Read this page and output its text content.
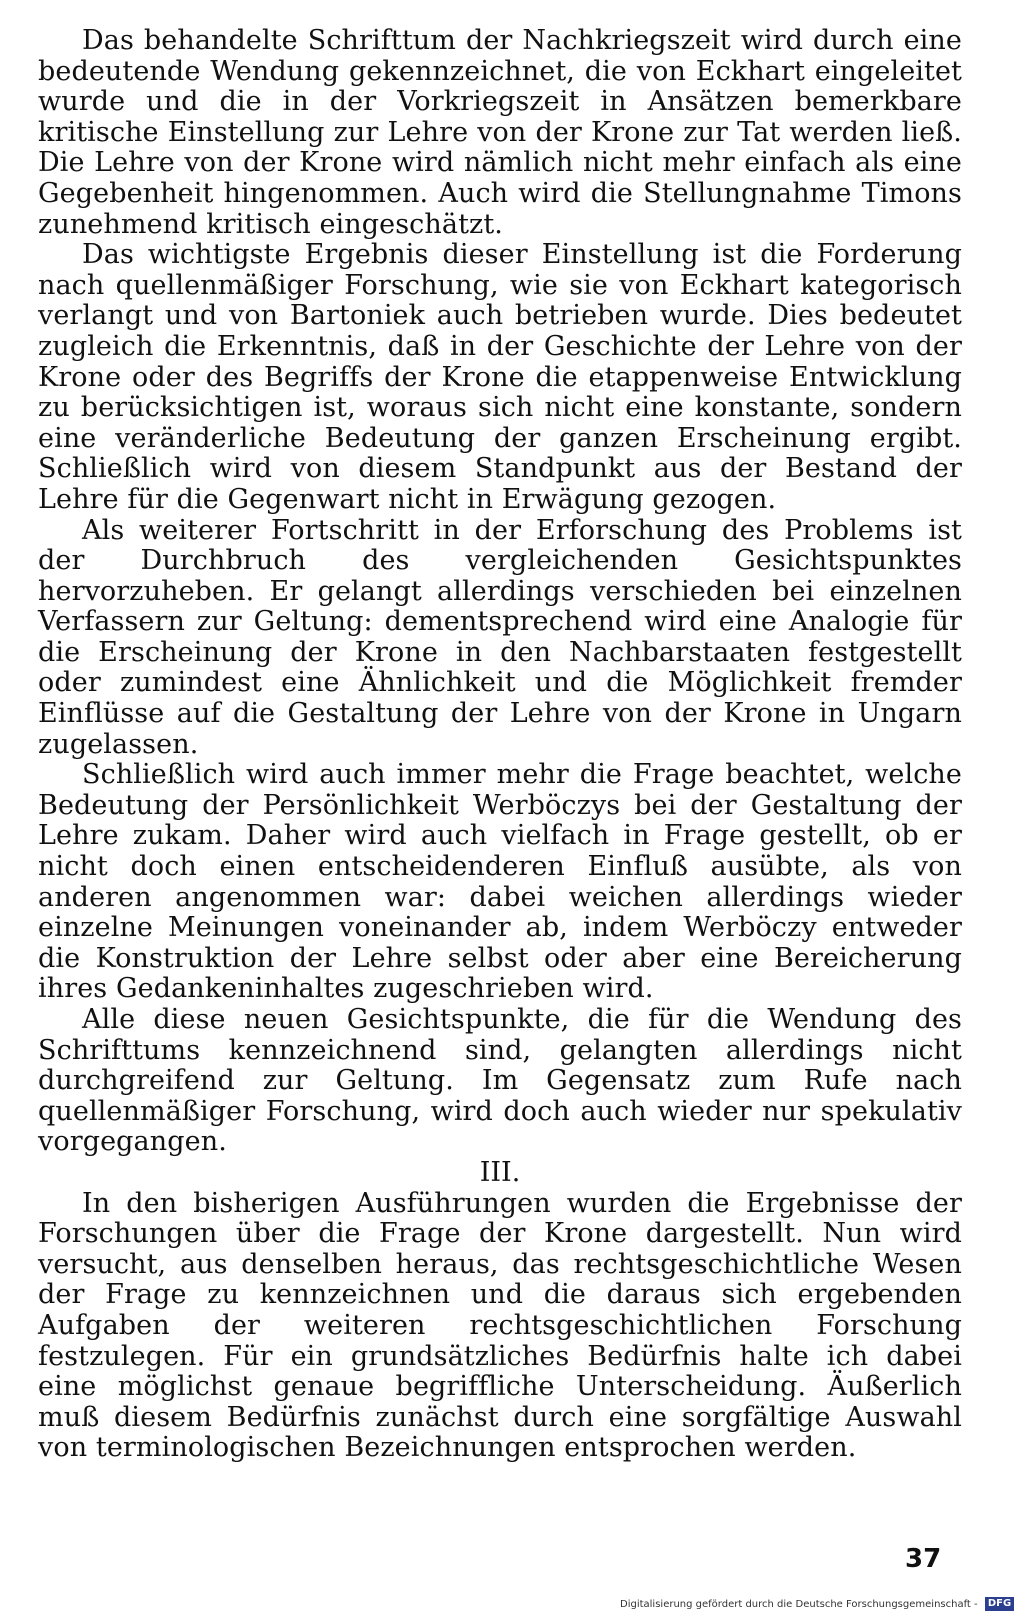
Das behandelte Schrifttum der Nachkriegszeit wird durch eine bedeutende Wendung gekennzeichnet, die von Eckhart eingeleitet wurde und die in der Vorkriegszeit in Ansätzen bemerkbare kritische Einstellung zur Lehre von der Krone zur Tat werden ließ. Die Lehre von der Krone wird nämlich nicht mehr einfach als eine Gegebenheit hingenommen. Auch wird die Stellungnahme Timons zunehmend kritisch eingeschätzt.

Das wichtigste Ergebnis dieser Einstellung ist die Forderung nach quellenmäßiger Forschung, wie sie von Eckhart kategorisch verlangt und von Bartoniek auch betrieben wurde. Dies bedeutet zugleich die Erkenntnis, daß in der Geschichte der Lehre von der Krone oder des Begriffs der Krone die etappenweise Entwicklung zu berücksichtigen ist, woraus sich nicht eine konstante, sondern eine veränderliche Bedeutung der ganzen Erscheinung ergibt. Schließlich wird von diesem Standpunkt aus der Bestand der Lehre für die Gegenwart nicht in Erwägung gezogen.

Als weiterer Fortschritt in der Erforschung des Problems ist der Durchbruch des vergleichenden Gesichtspunktes hervorzuheben. Er gelangt allerdings verschieden bei einzelnen Verfassern zur Geltung: dementsprechend wird eine Analogie für die Erscheinung der Krone in den Nachbarstaaten festgestellt oder zumindest eine Ähnlichkeit und die Möglichkeit fremder Einflüsse auf die Gestaltung der Lehre von der Krone in Ungarn zugelassen.

Schließlich wird auch immer mehr die Frage beachtet, welche Bedeutung der Persönlichkeit Werböczys bei der Gestaltung der Lehre zukam. Daher wird auch vielfach in Frage gestellt, ob er nicht doch einen entscheidenderen Einfluß ausübte, als von anderen angenommen war: dabei weichen allerdings wieder einzelne Meinungen voneinander ab, indem Werböczy entweder die Konstruktion der Lehre selbst oder aber eine Bereicherung ihres Gedankeninhaltes zugeschrieben wird.

Alle diese neuen Gesichtspunkte, die für die Wendung des Schrifttums kennzeichnend sind, gelangten allerdings nicht durchgreifend zur Geltung. Im Gegensatz zum Rufe nach quellenmäßiger Forschung, wird doch auch wieder nur spekulativ vorgegangen.

III.

In den bisherigen Ausführungen wurden die Ergebnisse der Forschungen über die Frage der Krone dargestellt. Nun wird versucht, aus denselben heraus, das rechtsgeschichtliche Wesen der Frage zu kennzeichnen und die daraus sich ergebenden Aufgaben der weiteren rechtsgeschichtlichen Forschung festzulegen. Für ein grundsätzliches Bedürfnis halte ich dabei eine möglichst genaue begriffliche Unterscheidung. Äußerlich muß diesem Bedürfnis zunächst durch eine sorgfältige Auswahl von terminologischen Bezeichnungen entsprochen werden.

37
Digitalisierung gefördert durch die Deutsche Forschungsgemeinschaft - DFG
